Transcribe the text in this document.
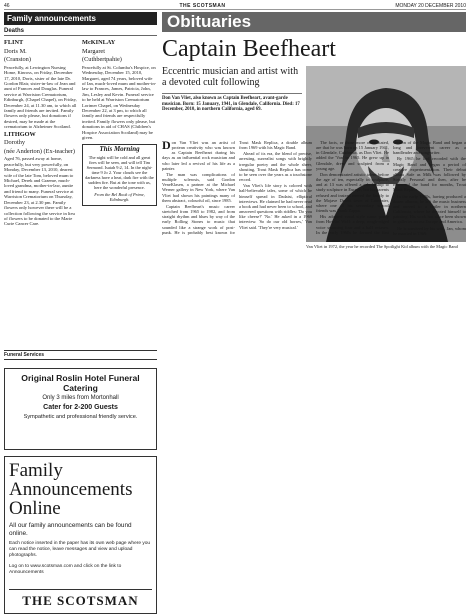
46	THE SCOTSMAN	MONDAY 20 DECEMBER 2010
Family announcements
Deaths
FLINT
Doris M.
(Cranston)
Peacefully, at Lewington Nursing Home, Kinross, on Friday, December 17, 2010, Doris, sister of the late Dr. Gordon Blair, sister-in-law of Jean and aunt of Frances and Douglas. Funeral service at Warriston Crematorium, Edinburgh, (Chapel Chapel), on Friday, December 24, at 11.30 am, to which all family and friends are invited. Family flowers only please, but donations if desired, may be made at the crematorium to Alzheimer Scotland.
LITHGOW
Dorothy
(née Anderton) (Ex-teacher)
Aged 76, passed away at home, peacefully, but very powerfully, on Monday, December 13, 2010, dearest wife of the late Tom, beloved mum to Michael, Derek and Graeme, much-loved grandma, mother-in-law, auntie and friend to many. Funeral service at Warriston Crematorium on Thursday, December 23, at 2.30 pm. Family flowers only however there will be a collection following the service in lieu of flowers to be donated to the Marie Curie Cancer Care.
McKINLAY
Margaret
(Cuthbertpahie)
Peacefully at St. Columba's Hospice, on Wednesday, December 15, 2010, Margaret, aged 74 years, beloved wife of Ian, much-loved mum and mother-in-law to Frances, James, Patricia, John, Jim, Lesley and Kevin. Funeral service to be held at Warriston Crematorium Lorimer Chapel, on Wednesday December 22, at 3 pm, to which all family and friends are respectfully invited. Family flowers only please, but donations in aid of CHAS (Children's Hospice Association Scotland) may be given.
This Morning
The night will be cold and all great fires will be seen, and will tell Tim Sermond. Isaiah 9:2, 14. In the night-time 9 Jo 2. Your clouds see the darkness have a heat, dark fire with the sudden fire. But at the tone with us, here the wonderful presence.
From the Bel Book of Prime, Edinburgh.
Funeral Services
Original Roslin Hotel Funeral Catering
Only 3 miles from Mortonhall
Cater for 2-200 Guests
Sympathetic and professional friendly service.
Family Announcements Online
All our family announcements can be found online.
Each notice inserted in the paper has its own web page where you can read the notice, leave messages and view and upload photographs.
Log on to www.scotsman.com and click on the link to Announcements
THE SCOTSMAN
Obituaries
Captain Beefheart
Eccentric musician and artist with a devoted cult following
Don Van Vliet, also known as Captain Beefheart, avant-garde musician. Born: 15 January, 1941, in Glendale, California. Died: 17 December, 2010, in northern California, aged 69.
Van Vliet in 1972, the year he recorded The Spotlight Kid album with the Magic Band

Don Van Vliet was an artist of protean creativity who was known as Captain Beefheart during his days as an influential rock musician and who later led a revival of his life as a painter.

The man was complications of multiple sclerosis, said Gordon VeneKlasen, a partner at the Michael Werner gallery in New York, where Van Vliet had shown his paintings many of them abstract, colourful oil, since 1985.

Captain Beefheart's music career stretched from 1965 to 1982, and from straight rhythm and blues by way of the early Rolling Stones to music that sounded like a strange work of post-punk. He is probably best known for Trout Mask Replica, a double album from 1969 with his Magic Band.

Ahead of its era, the blend of precise, arresting, surrealist songs with brightly irregular poetry and the whole sheer, shouting, Trout Mask Replica has come to be seen over the years as a touchstone record.

Van Vliet's life story is colored with half-believable tales, some of which he himself spread in Dadaist, elliptical interviews. He claimed he had never read a book and had never been to school, and answered questions with riddles: 'Do you like cheese?' 'No.' He asked in a 1969 interview. 'So do our old horses,' Van Vliet said. 'They're very musical.'

The facts, or those more often stated, are that he was born on 15 January 1941, in Glendale, California, as Don Vliet. He added the 'Van' in 1965. He grew up in Glendale, drew and sculpted from a young age.

Don demonstrated artistic talent before the age of ten, especially in sculpture, and at 13 was offered a scholarship to study sculpture in Europe, but his parents refused and instead moved the family to the Mojave Desert town of Lancaster, where one of his secondary school friends was Frank Zappa.

His adopted vocal style came partly from Howlin' Wolf: a deep, rough-edged voice spanning four and a half octaves. In the early 1960s he formed the first version of the Magic Band and began a long and irreverent career as a bandleader and songwriter.

By 1965 he had recorded with the Magic Band and began a period of creative experimentation. Their debut album Safe as Milk was followed by Strictly Personal and then, after he rehearsed the band for months, Trout Mask Replica.

In the early 1980s, having produced a dozen albums, he left the music business and moved to a trailer in northern California, where he devoted himself to painting. His work has since been shown in galleries across Europe and America.

He is survived by his wife, Jan, whom he married in 1969.
